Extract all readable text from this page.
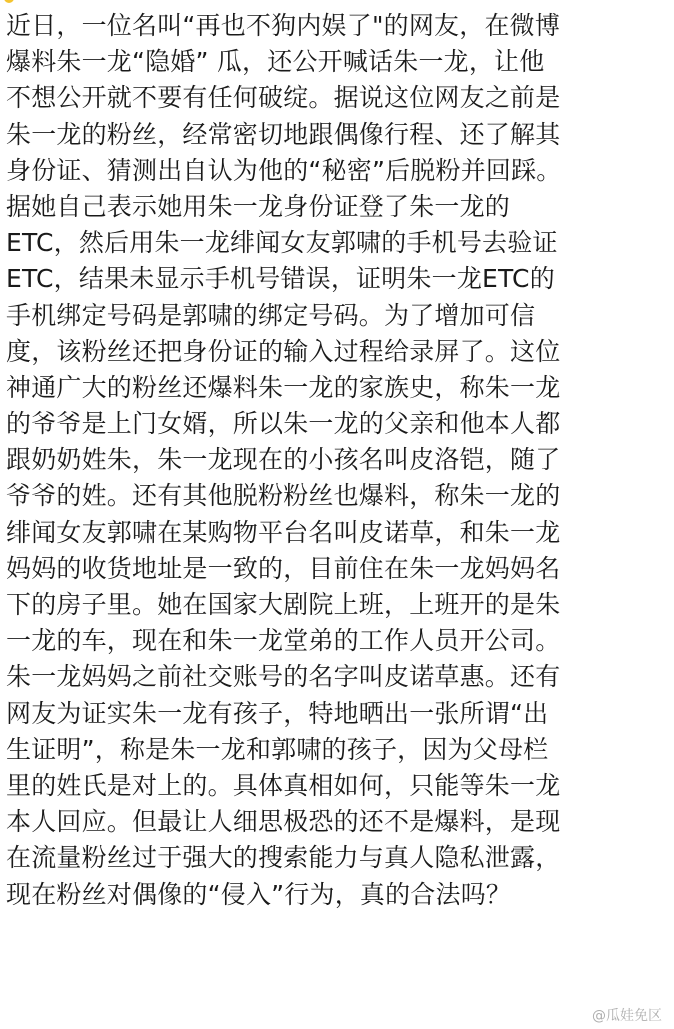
近日，一位名叫“再也不狗内娱了"的网友，在微博
爆料朱一龙“隐婚” 瓜，还公开喊话朱一龙，让他
不想公开就不要有任何破绽。据说这位网友之前是
朱一龙的粉丝，经常密切地跟偶像行程、还了解其
身份证、猜测出自认为他的“秘密”后脱粉并回踩。
据她自己表示她用朱一龙身份证登了朱一龙的
ETC，然后用朱一龙绯闻女友郭啸的手机号去验证
ETC，结果未显示手机号错误，证明朱一龙ETC的
手机绑定号码是郭啸的绑定号码。为了增加可信
度，该粉丝还把身份证的输入过程给录屏了。这位
神通广大的粉丝还爆料朱一龙的家族史，称朱一龙
的爷爷是上门女婿，所以朱一龙的父亲和他本人都
跟奶奶姓朱，朱一龙现在的小孩名叫皮洛铠，随了
爷爷的姓。还有其他脱粉粉丝也爆料，称朱一龙的
绯闻女友郭啸在某购物平台名叫皮诺草，和朱一龙
妈妈的收货地址是一致的，目前住在朱一龙妈妈名
下的房子里。她在国家大剧院上班，上班开的是朱
一龙的车，现在和朱一龙堂弟的工作人员开公司。
朱一龙妈妈之前社交账号的名字叫皮诺草惠。还有
网友为证实朱一龙有孩子，特地晒出一张所谓“出
生证明”，称是朱一龙和郭啸的孩子，因为父母栏
里的姓氏是对上的。具体真相如何，只能等朱一龙
本人回应。但最让人细思极恐的还不是爆料，是现
在流量粉丝过于强大的搜索能力与真人隐私泄露，
现在粉丝对偶像的“侵入”行为，真的合法吗？
@瓜娃免区
